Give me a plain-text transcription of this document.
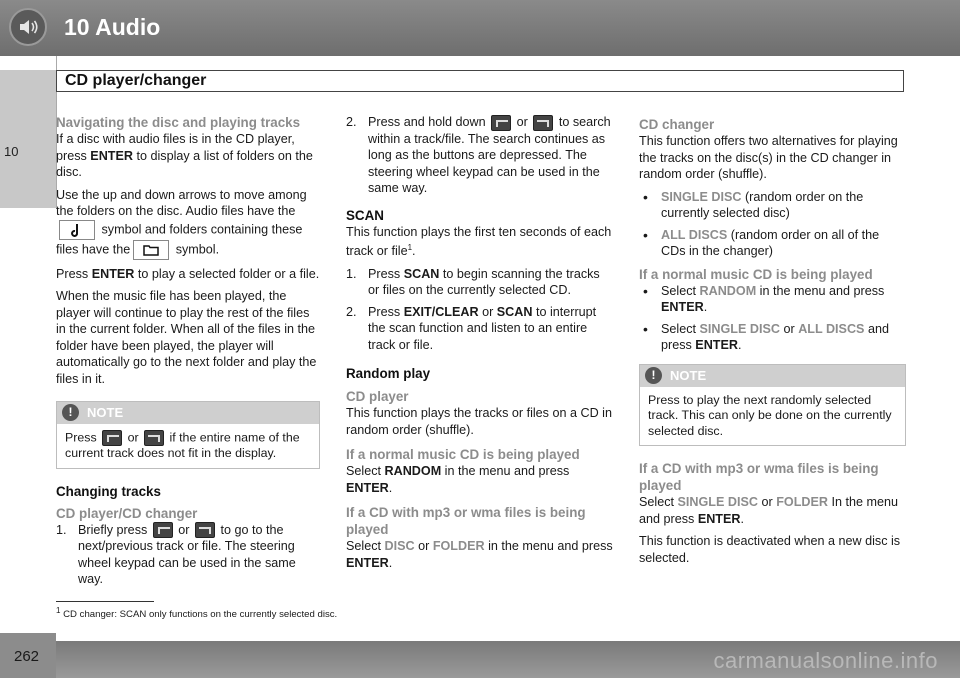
10 Audio
10
CD player/changer
Navigating the disc and playing tracks

If a disc with audio files is in the CD player, press ENTER to display a list of folders on the disc.

Use the up and down arrows to move among the folders on the disc. Audio files have the
symbol and folders containing these files have the	symbol.

Press ENTER to play a selected folder or a file.

When the music file has been played, the player will continue to play the rest of the files in the current folder. When all of the files in the folder have been played, the player will automatically go to the next folder and play the files in it.

!	NOTE
Press  or  if the entire name of the current track does not fit in the display.
Changing tracks
CD player/CD changer
1. Briefly press  or  to go to the next/previous track or file. The steering wheel keypad can be used in the same way.
2. Press and hold down  or  to search within a track/file. The search continues as long as the buttons are depressed. The steering wheel keypad can be used in the same way.
SCAN

This function plays the first ten seconds of each track or file$^1$.

1. Press SCAN to begin scanning the tracks or files on the currently selected CD.
2. Press EXIT/CLEAR or SCAN to interrupt the scan function and listen to an entire track or file.
Random play
CD player

This function plays the tracks or files on a CD in random order (shuffle).

If a normal music CD is being played

Select RANDOM in the menu and press ENTER.

If a CD with mp3 or wma files is being played

Select DISC or FOLDER in the menu and press ENTER.

CD changer

This function offers two alternatives for playing the tracks on the disc(s) in the CD changer in random order (shuffle).

• SINGLE DISC (random order on the currently selected disc)
• ALL DISCS (random order on all of the CDs in the changer)
If a normal music CD is being played
• Select RANDOM in the menu and press ENTER.
• Select SINGLE DISC or ALL DISCS and press ENTER.
!	NOTE
Press to play the next randomly selected track. This can only be done on the currently selected disc.
If a CD with mp3 or wma files is being played

Select SINGLE DISC or FOLDER In the menu and press ENTER.

This function is deactivated when a new disc is selected.

$^1$ CD changer: SCAN only functions on the currently selected disc.
262	carmanualsonline.info
